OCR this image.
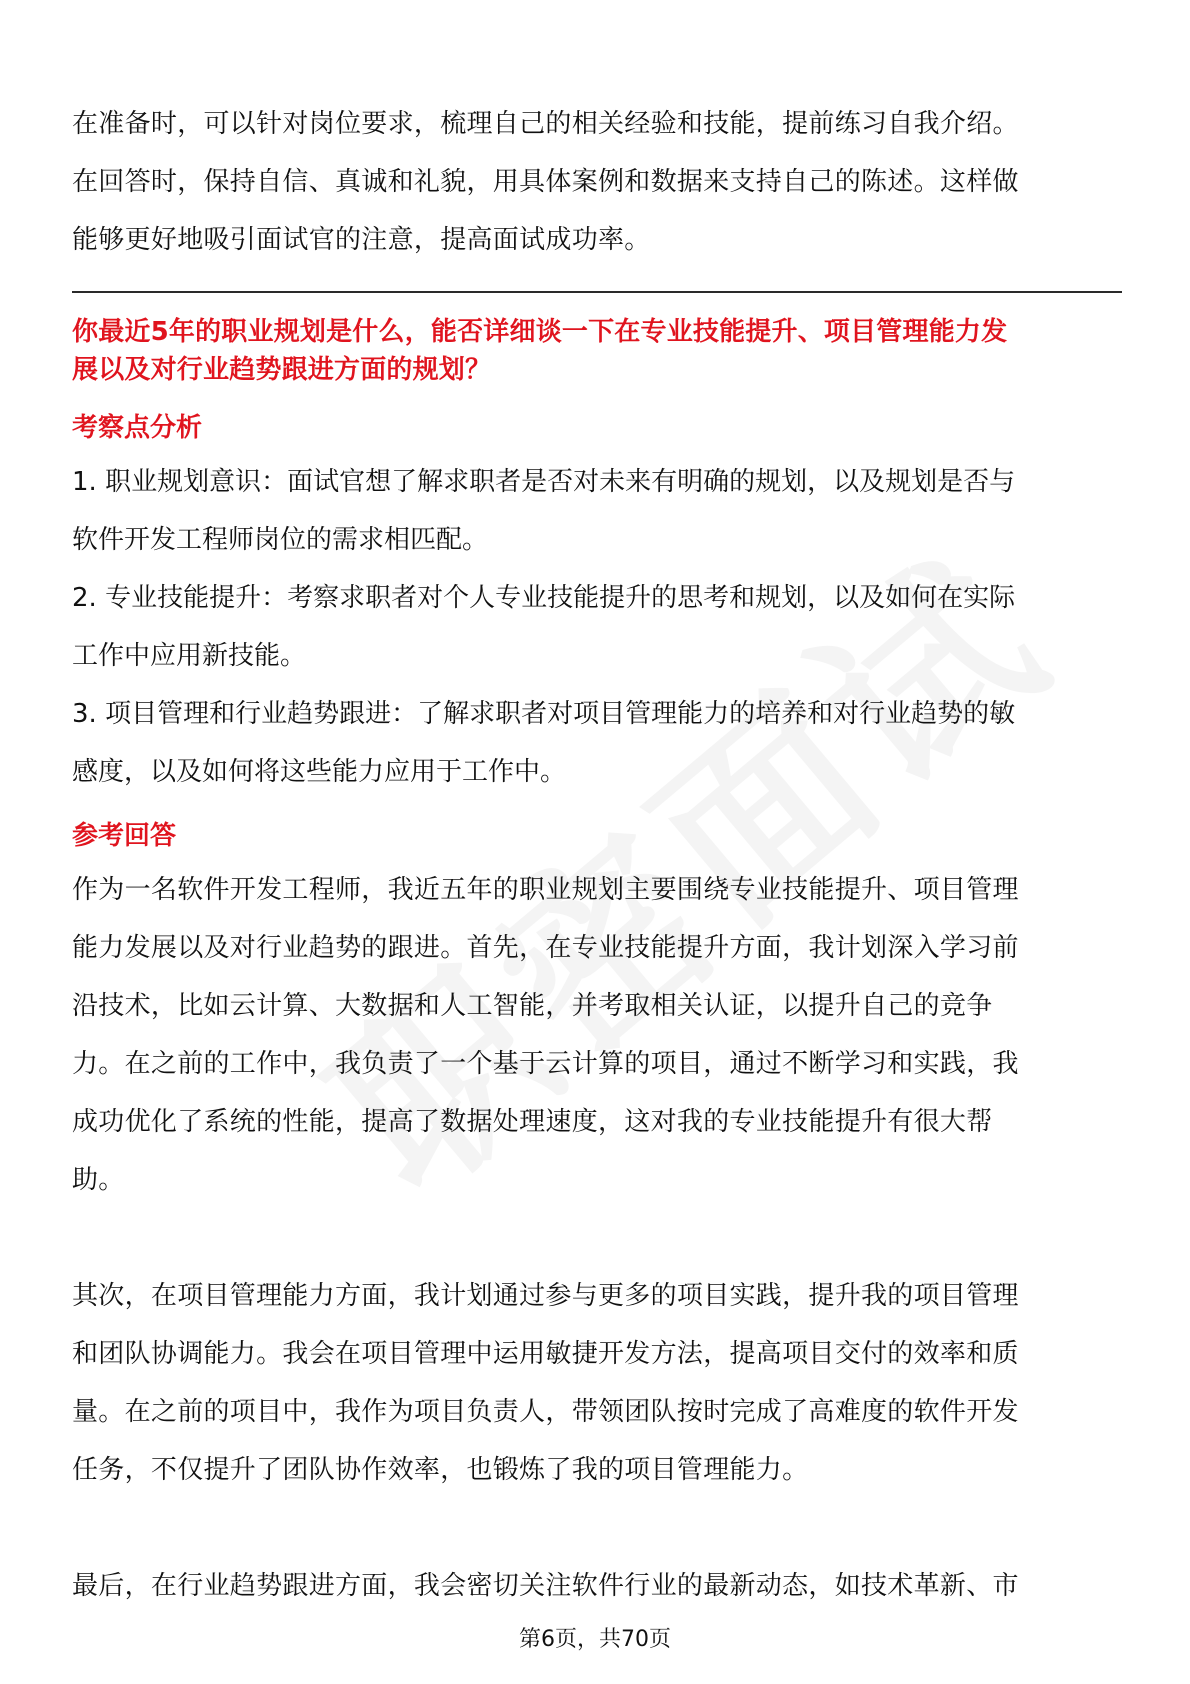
在准备时，可以针对岗位要求，梳理自己的相关经验和技能，提前练习自我介绍。

在回答时，保持自信、真诚和礼貌，用具体案例和数据来支持自己的陈述。这样做

能够更好地吸引面试官的注意，提高面试成功率。

你最近5年的职业规划是什么，能否详细谈一下在专业技能提升、项目管理能力发

展以及对行业趋势跟进方面的规划？

考察点分析

1. 职业规划意识：面试官想了解求职者是否对未来有明确的规划，以及规划是否与

软件开发工程师岗位的需求相匹配。

2. 专业技能提升：考察求职者对个人专业技能提升的思考和规划，以及如何在实际

工作中应用新技能。

3. 项目管理和行业趋势跟进：了解求职者对项目管理能力的培养和对行业趋势的敏

感度，以及如何将这些能力应用于工作中。

参考回答

作为一名软件开发工程师，我近五年的职业规划主要围绕专业技能提升、项目管理

能力发展以及对行业趋势的跟进。首先，在专业技能提升方面，我计划深入学习前

沿技术，比如云计算、大数据和人工智能，并考取相关认证，以提升自己的竞争

力。在之前的工作中，我负责了一个基于云计算的项目，通过不断学习和实践，我

成功优化了系统的性能，提高了数据处理速度，这对我的专业技能提升有很大帮

助。

其次，在项目管理能力方面，我计划通过参与更多的项目实践，提升我的项目管理

和团队协调能力。我会在项目管理中运用敏捷开发方法，提高项目交付的效率和质

量。在之前的项目中，我作为项目负责人，带领团队按时完成了高难度的软件开发

任务，不仅提升了团队协作效率，也锻炼了我的项目管理能力。

最后，在行业趋势跟进方面，我会密切关注软件行业的最新动态，如技术革新、市

第6页，共70页
